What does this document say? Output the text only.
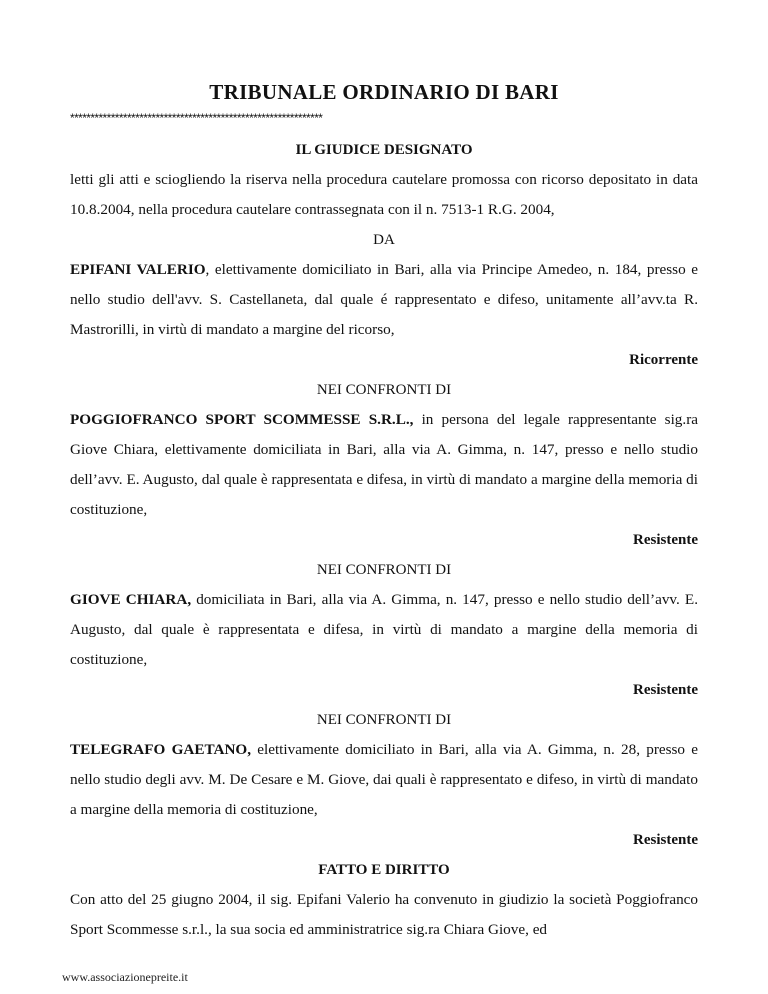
TRIBUNALE ORDINARIO DI BARI
**************************************************************
IL GIUDICE DESIGNATO

letti gli atti e sciogliendo la riserva nella procedura cautelare promossa con ricorso depositato in data 10.8.2004, nella procedura cautelare contrassegnata con il n. 7513-1 R.G. 2004,

DA

EPIFANI VALERIO, elettivamente domiciliato in Bari, alla via Principe Amedeo, n. 184, presso e nello studio dell'avv. S. Castellaneta, dal quale é rappresentato e difeso, unitamente all’avv.ta R. Mastrorilli, in virtù di mandato a margine del ricorso,

Ricorrente
NEI CONFRONTI DI

POGGIOFRANCO SPORT SCOMMESSE S.R.L., in persona del legale rappresentante sig.ra Giove Chiara, elettivamente domiciliata in Bari, alla via A. Gimma, n. 147, presso e nello studio dell’avv. E. Augusto, dal quale è rappresentata e difesa, in virtù di mandato a margine della memoria di costituzione,

Resistente
NEI CONFRONTI DI

GIOVE CHIARA, domiciliata in Bari, alla via A. Gimma, n. 147, presso e nello studio dell’avv. E. Augusto, dal quale è rappresentata e difesa, in virtù di mandato a margine della memoria di costituzione,

Resistente
NEI CONFRONTI DI

TELEGRAFO GAETANO, elettivamente domiciliato in Bari, alla via A. Gimma, n. 28, presso e nello studio degli avv. M. De Cesare e M. Giove, dai quali è rappresentato e difeso, in virtù di mandato a margine della memoria di costituzione,

Resistente
FATTO E DIRITTO

Con atto del 25 giugno 2004, il sig. Epifani Valerio ha convenuto in giudizio la società Poggiofranco Sport Scommesse s.r.l., la sua socia ed amministratrice sig.ra Chiara Giove, ed

www.associazionepreite.it
